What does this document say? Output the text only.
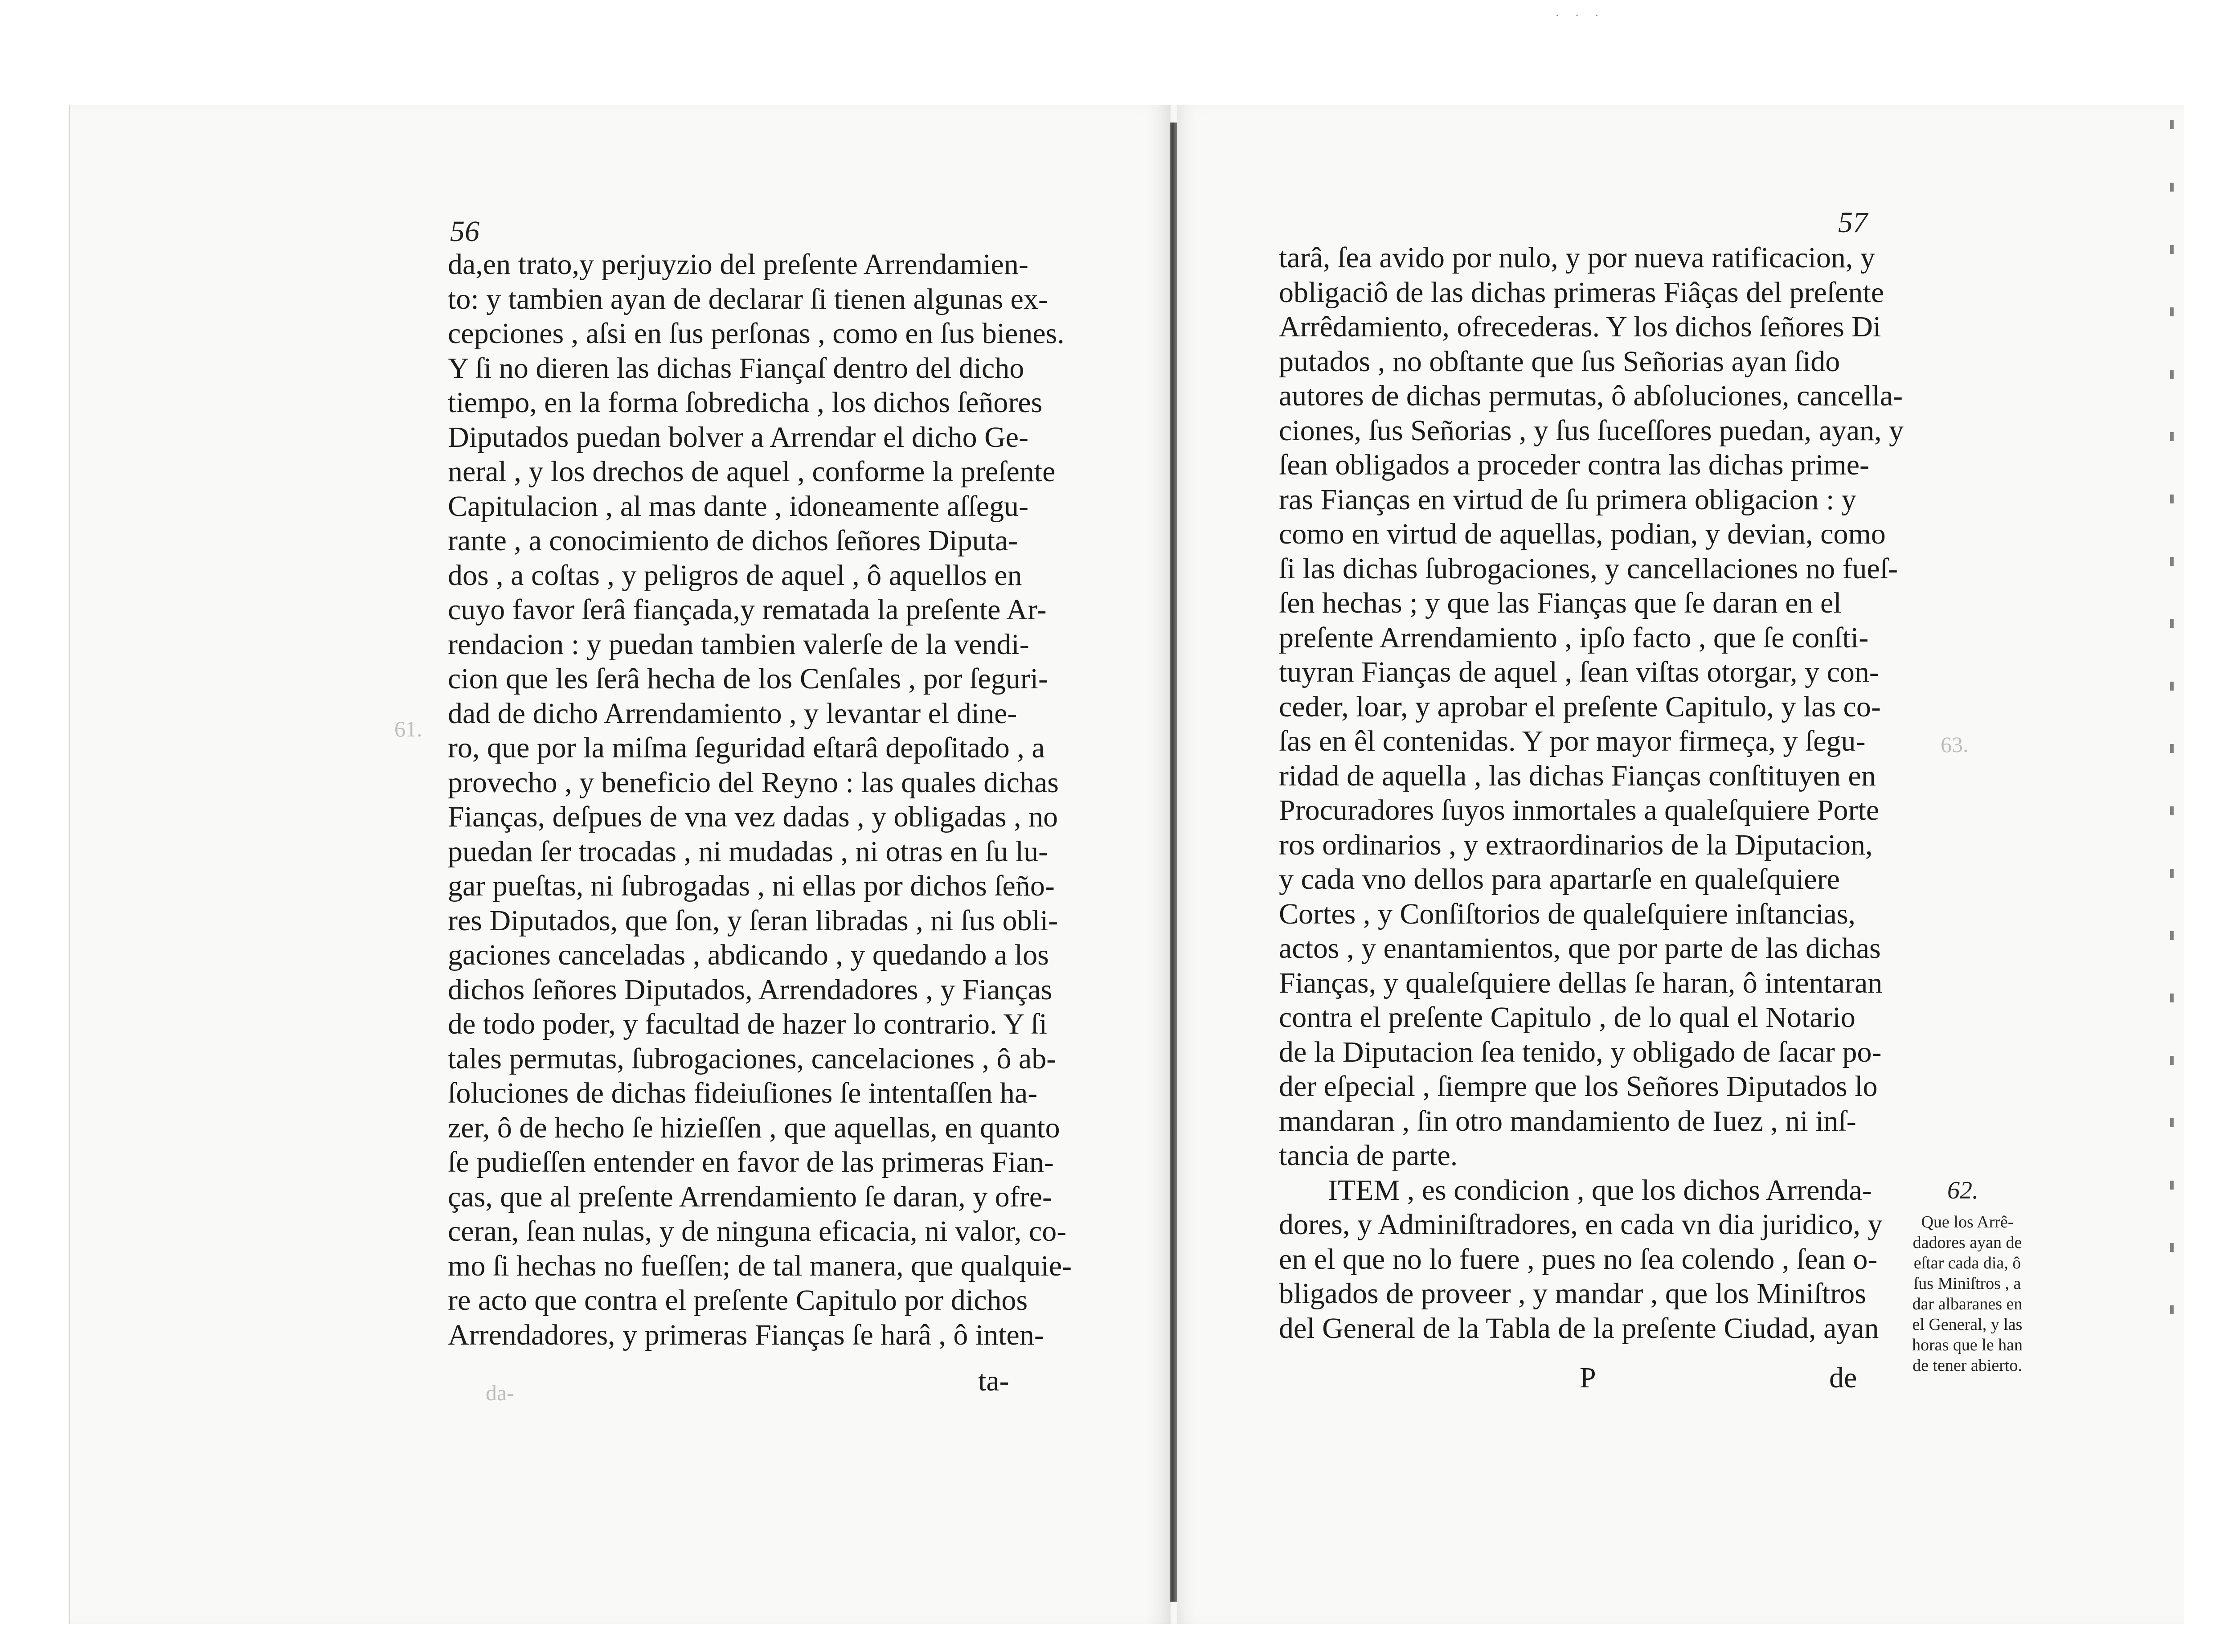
· · ·
61.
da-
63.
56
da,en trato,y perjuyzio del preſente Arrendamien-
to: y tambien ayan de declarar ſi tienen algunas ex-
cepciones , aſsi en ſus perſonas , como en ſus bienes.
Y ſi no dieren las dichas Fiançaſ dentro del dicho
tiempo, en la forma ſobredicha , los dichos ſeñores
Diputados puedan bolver a Arrendar el dicho Ge-
neral , y los drechos de aquel , conforme la preſente
Capitulacion , al mas dante , idoneamente aſſegu-
rante , a conocimiento de dichos ſeñores Diputa-
dos , a coſtas , y peligros de aquel , ô aquellos en
cuyo favor ſerâ fiançada,y rematada la preſente Ar-
rendacion : y puedan tambien valerſe de la vendi-
cion que les ſerâ hecha de los Cenſales , por ſeguri-
dad de dicho Arrendamiento , y levantar el dine-
ro, que por la miſma ſeguridad eſtarâ depoſitado , a
provecho , y beneficio del Reyno : las quales dichas
Fianças, deſpues de vna vez dadas , y obligadas , no
puedan ſer trocadas , ni mudadas , ni otras en ſu lu-
gar pueſtas, ni ſubrogadas , ni ellas por dichos ſeño-
res Diputados, que ſon, y ſeran libradas , ni ſus obli-
gaciones canceladas , abdicando , y quedando a los
dichos ſeñores Diputados, Arrendadores , y Fianças
de todo poder, y facultad de hazer lo contrario. Y ſi
tales permutas, ſubrogaciones, cancelaciones , ô ab-
ſoluciones de dichas fideiuſiones ſe intentaſſen ha-
zer, ô de hecho ſe hizieſſen , que aquellas, en quanto
ſe pudieſſen entender en favor de las primeras Fian-
ças, que al preſente Arrendamiento ſe daran, y ofre-
ceran, ſean nulas, y de ninguna eficacia, ni valor, co-
mo ſi hechas no fueſſen; de tal manera, que qualquie-
re acto que contra el preſente Capitulo por dichos
Arrendadores, y primeras Fianças ſe harâ , ô inten-
ta-
57
tarâ, ſea avido por nulo, y por nueva ratificacion, y
obligaciô de las dichas primeras Fiâças del preſente
Arrêdamiento, ofrecederas. Y los dichos ſeñores Di
putados , no obſtante que ſus Señorias ayan ſido
autores de dichas permutas, ô abſoluciones, cancella-
ciones, ſus Señorias , y ſus ſuceſſores puedan, ayan, y
ſean obligados a proceder contra las dichas prime-
ras Fianças en virtud de ſu primera obligacion : y
como en virtud de aquellas, podian, y devian, como
ſi las dichas ſubrogaciones, y cancellaciones no fueſ-
ſen hechas ; y que las Fianças que ſe daran en el
preſente Arrendamiento , ipſo facto , que ſe conſti-
tuyran Fianças de aquel , ſean viſtas otorgar, y con-
ceder, loar, y aprobar el preſente Capitulo, y las co-
ſas en êl contenidas. Y por mayor firmeça, y ſegu-
ridad de aquella , las dichas Fianças conſtituyen en
Procuradores ſuyos inmortales a qualeſquiere Porte
ros ordinarios , y extraordinarios de la Diputacion,
y cada vno dellos para apartarſe en qualeſquiere
Cortes , y Conſiſtorios de qualeſquiere inſtancias,
actos , y enantamientos, que por parte de las dichas
Fianças, y qualeſquiere dellas ſe haran, ô intentaran
contra el preſente Capitulo , de lo qual el Notario
de la Diputacion ſea tenido, y obligado de ſacar po-
der eſpecial , ſiempre que los Señores Diputados lo
mandaran , ſin otro mandamiento de Iuez , ni inſ-
tancia de parte.
ITEM , es condicion , que los dichos Arrenda-
dores, y Adminiſtradores, en cada vn dia juridico, y
en el que no lo fuere , pues no ſea colendo , ſean o-
bligados de proveer , y mandar , que los Miniſtros
del General de la Tabla de la preſente Ciudad, ayan
P	de
62.
Que los Arrê-
dadores ayan de
eſtar cada dia, ô
ſus Miniſtros , a
dar albaranes en
el General, y las
horas que le han
de tener abierto.
